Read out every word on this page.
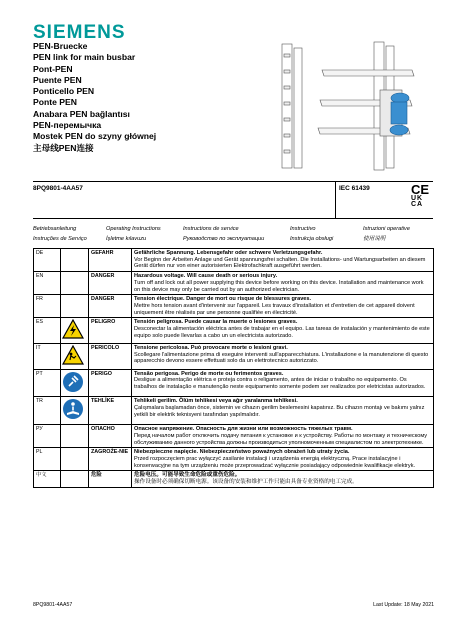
SIEMENS
PEN-Bruecke
PEN link for main busbar
Pont-PEN
Puente PEN
Ponticello PEN
Ponte PEN
Anabara PEN bağlantısı
PEN-перемычка
Mostek PEN do szyny głównej
主母线PEN连接
8PQ9801-4AA57	IEC 61439	CE
UK
CA
Betriebsanleitung	Operating Instructions	Instructions de service	Instructivo	Istruzioni operative
Instruções de Serviço	İşletme kılavuzu	Руководство по эксплуатации	Instrukcja obsługi	使用说明
DE		GEFAHR	Gefährliche Spannung. Lebensgefahr oder schwere Verletzungsgefahr.
Vor Beginn der Arbeiten Anlage und Gerät spannungsfrei schalten. Die Installations- und Wartungsarbeiten an diesem Gerät dürfen nur von einer autorisierten Elektrofachkraft ausgeführt werden.

EN		DANGER	Hazardous voltage. Will cause death or serious injury.
Turn off and lock out all power supplying this device before working on this device. Installation and maintenance work on this device may only be carried out by an authorized electrician.

FR		DANGER	Tension électrique. Danger de mort ou risque de blessures graves.
Mettre hors tension avant d'intervenir sur l'appareil. Les travaux d'installation et d'entretien de cet appareil doivent uniquement être réalisés par une personne qualifiée en électricité.

ES		PELIGRO	Tensión peligrosa. Puede causar la muerte o lesiones graves.
Desconectar la alimentación eléctrica antes de trabajar en el equipo. Las tareas de instalación y mantenimiento de este equipo solo puede llevarlas a cabo un un electricista autorizado.

IT		PERICOLO	Tensione pericolosa. Può provocare morte o lesioni gravi.
Scollegare l'alimentazione prima di eseguire interventi sull'apparecchiatura. L'installazione e la manutenzione di questo apparecchio devono essere effettuati solo da un elettrotecnico autorizzato.

PT		PERIGO	Tensão perigosa. Perigo de morte ou ferimentos graves.
Desligue a alimentação elétrica e proteja contra o religamento, antes de iniciar o trabalho no equipamento. Os trabalhos de instalação e manutenção neste equipamento somente podem ser realizados por eletricistas autorizados.

TR		TEHLİKE	Tehlikeli gerilim. Ölüm tehlikesi veya ağır yaralanma tehlikesi.
Çalışmalara başlamadan önce, sistemin ve cihazın gerilim beslemesini kapatınız. Bu cihazın montajı ve bakımı yalnız yetkili bir elektrik teknisyeni tarafından yapılmalıdır.

РУ		ОПАСНО	Опасное напряжение. Опасность для жизни или возможность тяжелых травм.
Перед началом работ отключить подачу питания к установке и к устройству. Работы по монтажу и техническому обслуживанию данного устройства должны производиться уполномоченным специалистом по электротехнике.

PL		ZAGROŻE-NIE	Niebezpieczne napięcie. Niebezpieczeństwo poważnych obrażeń lub utraty życia.
Przed rozpoczęciem prac wyłączyć zasilanie instalacji i urządzenia energią elektryczną. Prace instalacyjne i konserwacyjne na tym urządzeniu może przeprowadzać wyłącznie posiadający odpowiednie kwalifikacje elektryk.

中文		危险	危险电压。可能导致生命危险或重伤危险。
操作设备时必须确保切断电源。该设备的安装和维护工作只能由具备专业资格的电工完成。
8PQ9801-4AA57	Last Update: 18 May 2021
